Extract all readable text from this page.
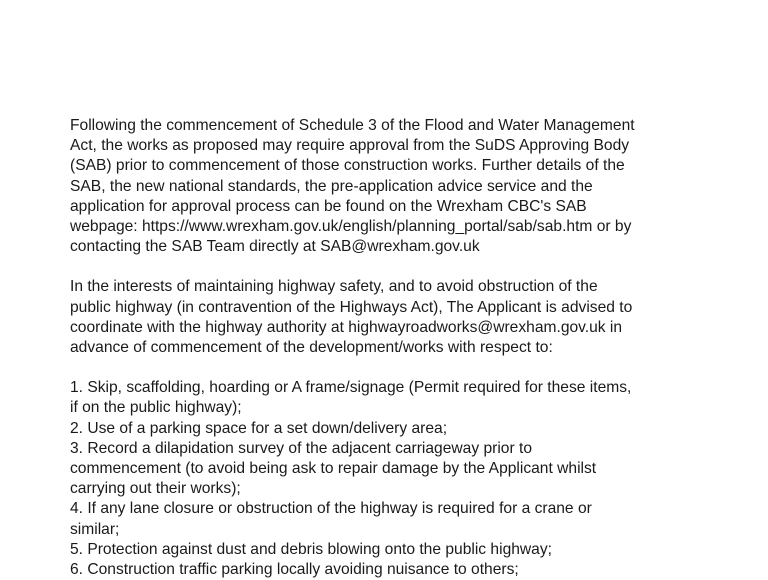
Following the commencement of Schedule 3 of the Flood and Water Management
Act, the works as proposed may require approval from the SuDS Approving Body
(SAB) prior to commencement of those construction works. Further details of the
SAB, the new national standards, the pre-application advice service and the
application for approval process can be found on the Wrexham CBC's SAB
webpage: https://www.wrexham.gov.uk/english/planning_portal/sab/sab.htm or by
contacting the SAB Team directly at SAB@wrexham.gov.uk

In the interests of maintaining highway safety, and to avoid obstruction of the
public highway (in contravention of the Highways Act), The Applicant is advised to
coordinate with the highway authority at highwayroadworks@wrexham.gov.uk in
advance of commencement of the development/works with respect to:

1. Skip, scaffolding, hoarding or A frame/signage (Permit required for these items,
if on the public highway);
2. Use of a parking space for a set down/delivery area;
3. Record a dilapidation survey of the adjacent carriageway prior to
commencement (to avoid being ask to repair damage by the Applicant whilst
carrying out their works);
4. If any lane closure or obstruction of the highway is required for a crane or
similar;
5. Protection against dust and debris blowing onto the public highway;
6. Construction traffic parking locally avoiding nuisance to others;
